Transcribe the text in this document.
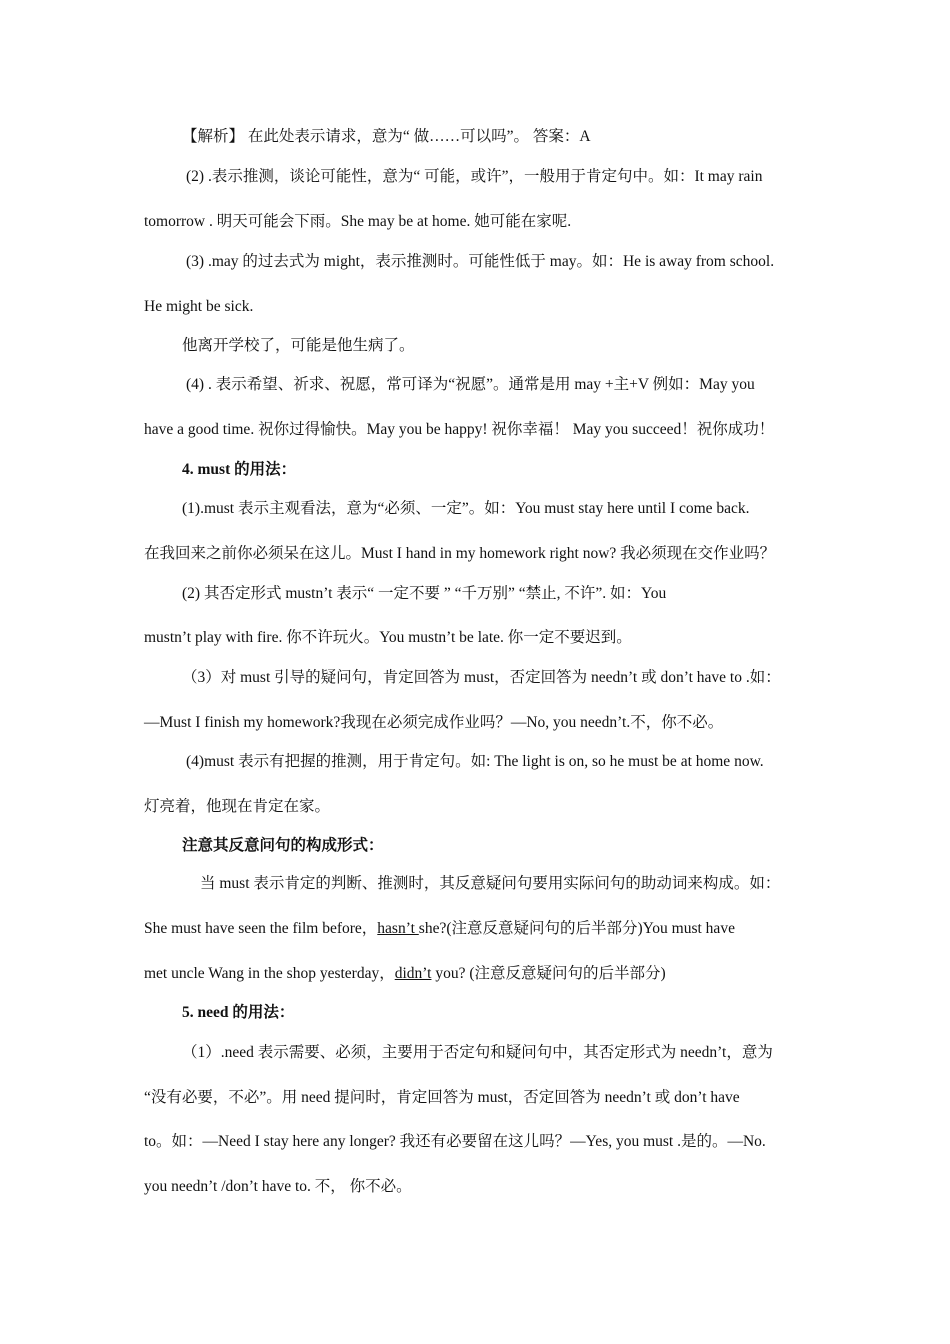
【解析】 在此处表示请求，意为“ 做……可以吗”。 答案：A
(2) .表示推测，谈论可能性，意为“ 可能，或许”，一般用于肯定句中。如：It may rain
tomorrow . 明天可能会下雨。She may be at home. 她可能在家呢.
(3) .may 的过去式为 might，表示推测时。可能性低于 may。如：He is away from school.
He might be sick.
他离开学校了，可能是他生病了。
(4) . 表示希望、祈求、祝愿，常可译为“祝愿”。通常是用 may +主+V 例如：May you
have a good time. 祝你过得愉快。May you be happy! 祝你幸福！ May you succeed！祝你成功！
4. must 的用法：
(1).must 表示主观看法，意为“必须、一定”。如：You must stay here until I come back.
在我回来之前你必须呆在这儿。Must I hand in my homework right now? 我必须现在交作业吗？
(2) 其否定形式 mustn’t 表示“ 一定不要 ” “千万别” “禁止, 不许”. 如：You
mustn’t play with fire. 你不许玩火。You mustn’t be late. 你一定不要迟到。
（3）对 must 引导的疑问句，肯定回答为 must，否定回答为 needn’t 或 don’t have to .如：
—Must I finish my homework?我现在必须完成作业吗？—No, you needn’t.不，你不必。
(4)must 表示有把握的推测，用于肯定句。如: The light is on, so he must be at home now.
灯亮着，他现在肯定在家。
注意其反意问句的构成形式：
当 must 表示肯定的判断、推测时，其反意疑问句要用实际问句的助动词来构成。如：
She must have seen the film before，hasn’t she?(注意反意疑问句的后半部分)You must have
met uncle Wang in the shop yesterday，didn’t you? (注意反意疑问句的后半部分)
5. need 的用法：
（1）.need 表示需要、必须，主要用于否定句和疑问句中，其否定形式为 needn’t，意为
“没有必要，不必”。用 need 提问时，肯定回答为 must，否定回答为 needn’t 或 don’t have
to。如：—Need I stay here any longer? 我还有必要留在这儿吗？—Yes, you must .是的。—No.
you needn’t /don’t have to. 不， 你不必。
